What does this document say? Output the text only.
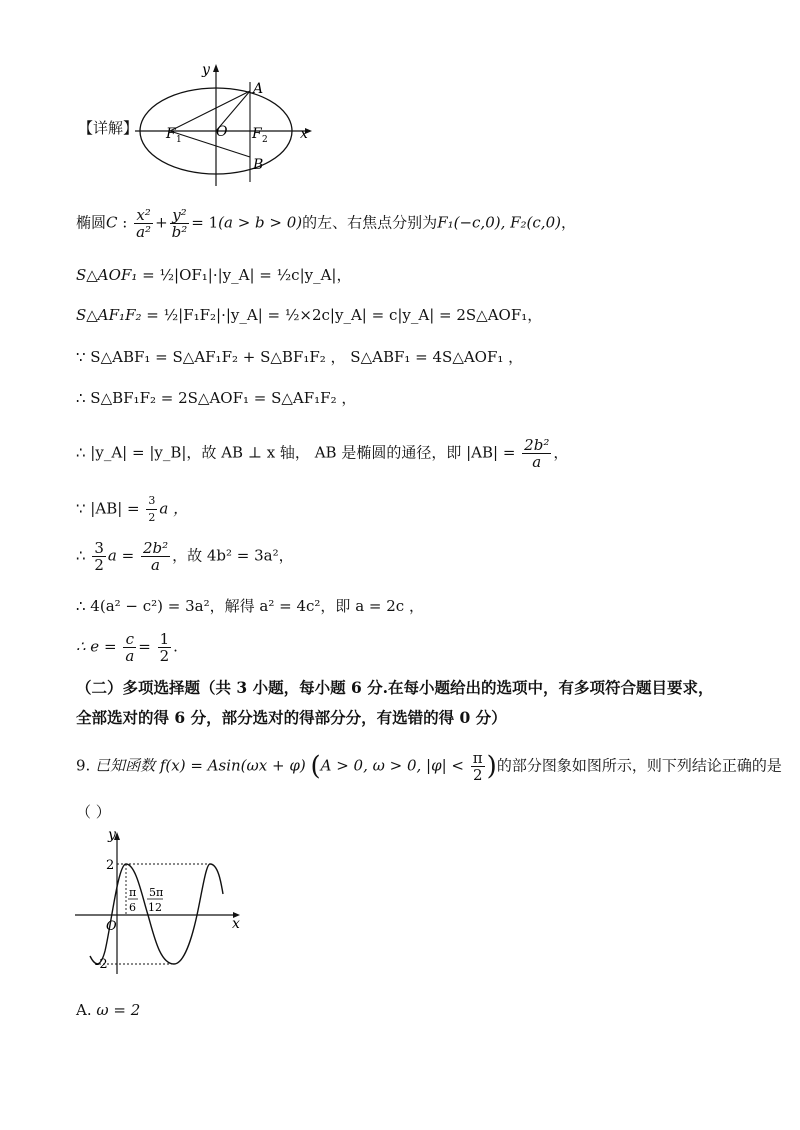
【详解】
y
x
A
B
O
F 1	F 2
椭圆C : $\frac{\text{x²}}{\text{a²}} + \frac{\text{y²}}{\text{b²}} = 1(a > b > 0)$的左、右焦点分别为F₁(−c,0), F₂(c,0)，
S△AOF₁ = ½|OF₁|·|y_A| = ½c|y_A|，
S△AF₁F₂ = ½|F₁F₂|·|y_A| = ½×2c|y_A| = c|y_A| = 2S△AOF₁，
∵ S△ABF₁ = S△AF₁F₂ + S△BF₁F₂ ， S△ABF₁ = 4S△AOF₁ ，
∴ S△BF₁F₂ = 2S△AOF₁ = S△AF₁F₂ ，
∴ |y_A| = |y_B|，故 AB ⊥ x 轴， AB 是椭圆的通径，即 $|AB| = \frac{\text{2b²}}{a}$ ，
∵ $|AB| = \frac{3}{2}$ a ，
∴ $\frac{3}{2}$ $a = \frac{\text{2b²}}{a}$ ，故 4b² = 3a²，
∴ 4(a² − c²) = 3a²，解得 a² = 4c²，即 a = 2c ，
∴ $e = \frac{c}{a} = \frac{1}{2}$ .
（二）多项选择题（共 3 小题，每小题 6 分.在每小题给出的选项中，有多项符合题目要求，
全部选对的得 6 分，部分选对的得部分分，有选错的得 0 分）
9. 已知函数 f(x) = Asin(ωx + φ) (A > 0, ω > 0, $|\varphi| < \frac{\pi}{2}$ )的部分图象如图所示，则下列结论正确的是
（ ）
y
x
2
-2
O
π
6
5π
12
A. ω = 2
